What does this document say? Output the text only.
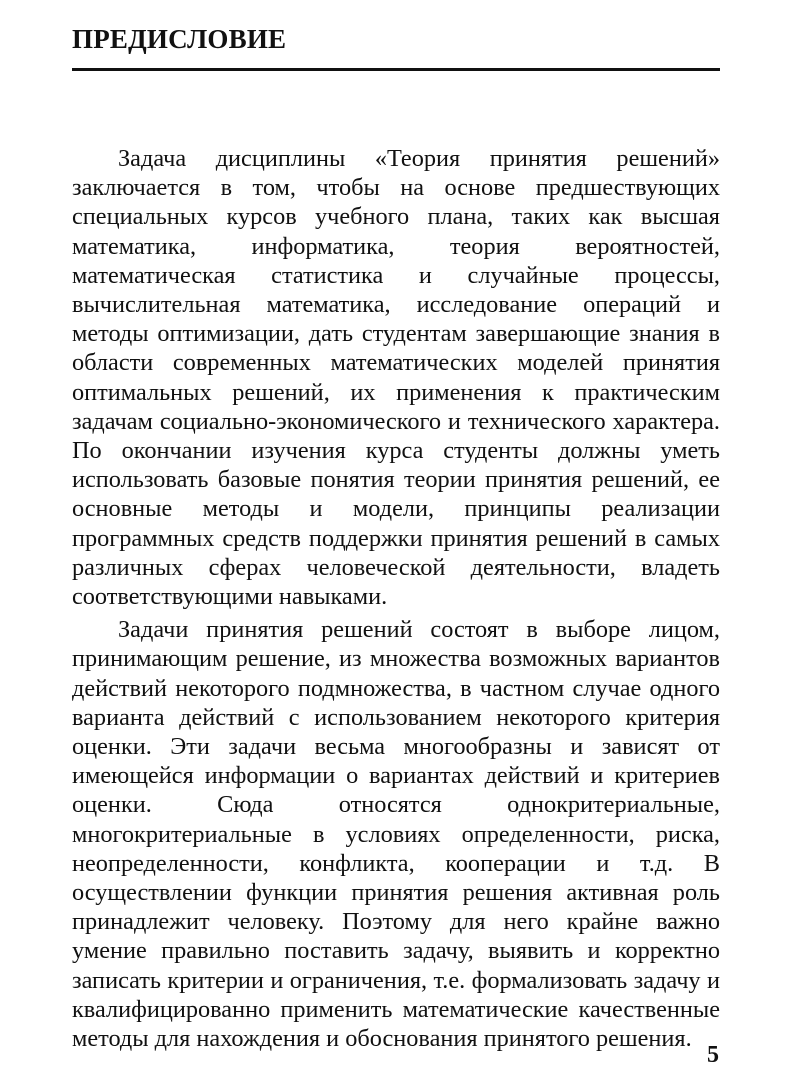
ПРЕДИСЛОВИЕ

Задача дисциплины «Теория принятия решений» заключается в том, чтобы на основе предшествующих специальных курсов учебного плана, таких как высшая математика, информатика, теория вероятностей, математическая статистика и случайные процессы, вычислительная математика, исследование операций и методы оптимизации, дать студентам завершающие знания в области современных математических моделей принятия оптимальных решений, их применения к практическим задачам социально-экономического и технического характера. По окончании изучения курса студенты должны уметь использовать базовые понятия теории принятия решений, ее основные методы и модели, принципы реализации программных средств поддержки принятия решений в самых различных сферах человеческой деятельности, владеть соответствующими навыками.

Задачи принятия решений состоят в выборе лицом, принимающим решение, из множества возможных вариантов действий некоторого подмножества, в частном случае одного варианта действий с использованием некоторого критерия оценки. Эти задачи весьма многообразны и зависят от имеющейся информации о вариантах действий и критериев оценки. Сюда относятся однокритериальные, многокритериальные в условиях определенности, риска, неопределенности, конфликта, кооперации и т.д. В осуществлении функции принятия решения активная роль принадлежит человеку. Поэтому для него крайне важно умение правильно поставить задачу, выявить и корректно записать критерии и ограничения, т.е. формализовать задачу и квалифицированно применить математические качественные методы для нахождения и обоснования принятого решения.

5
